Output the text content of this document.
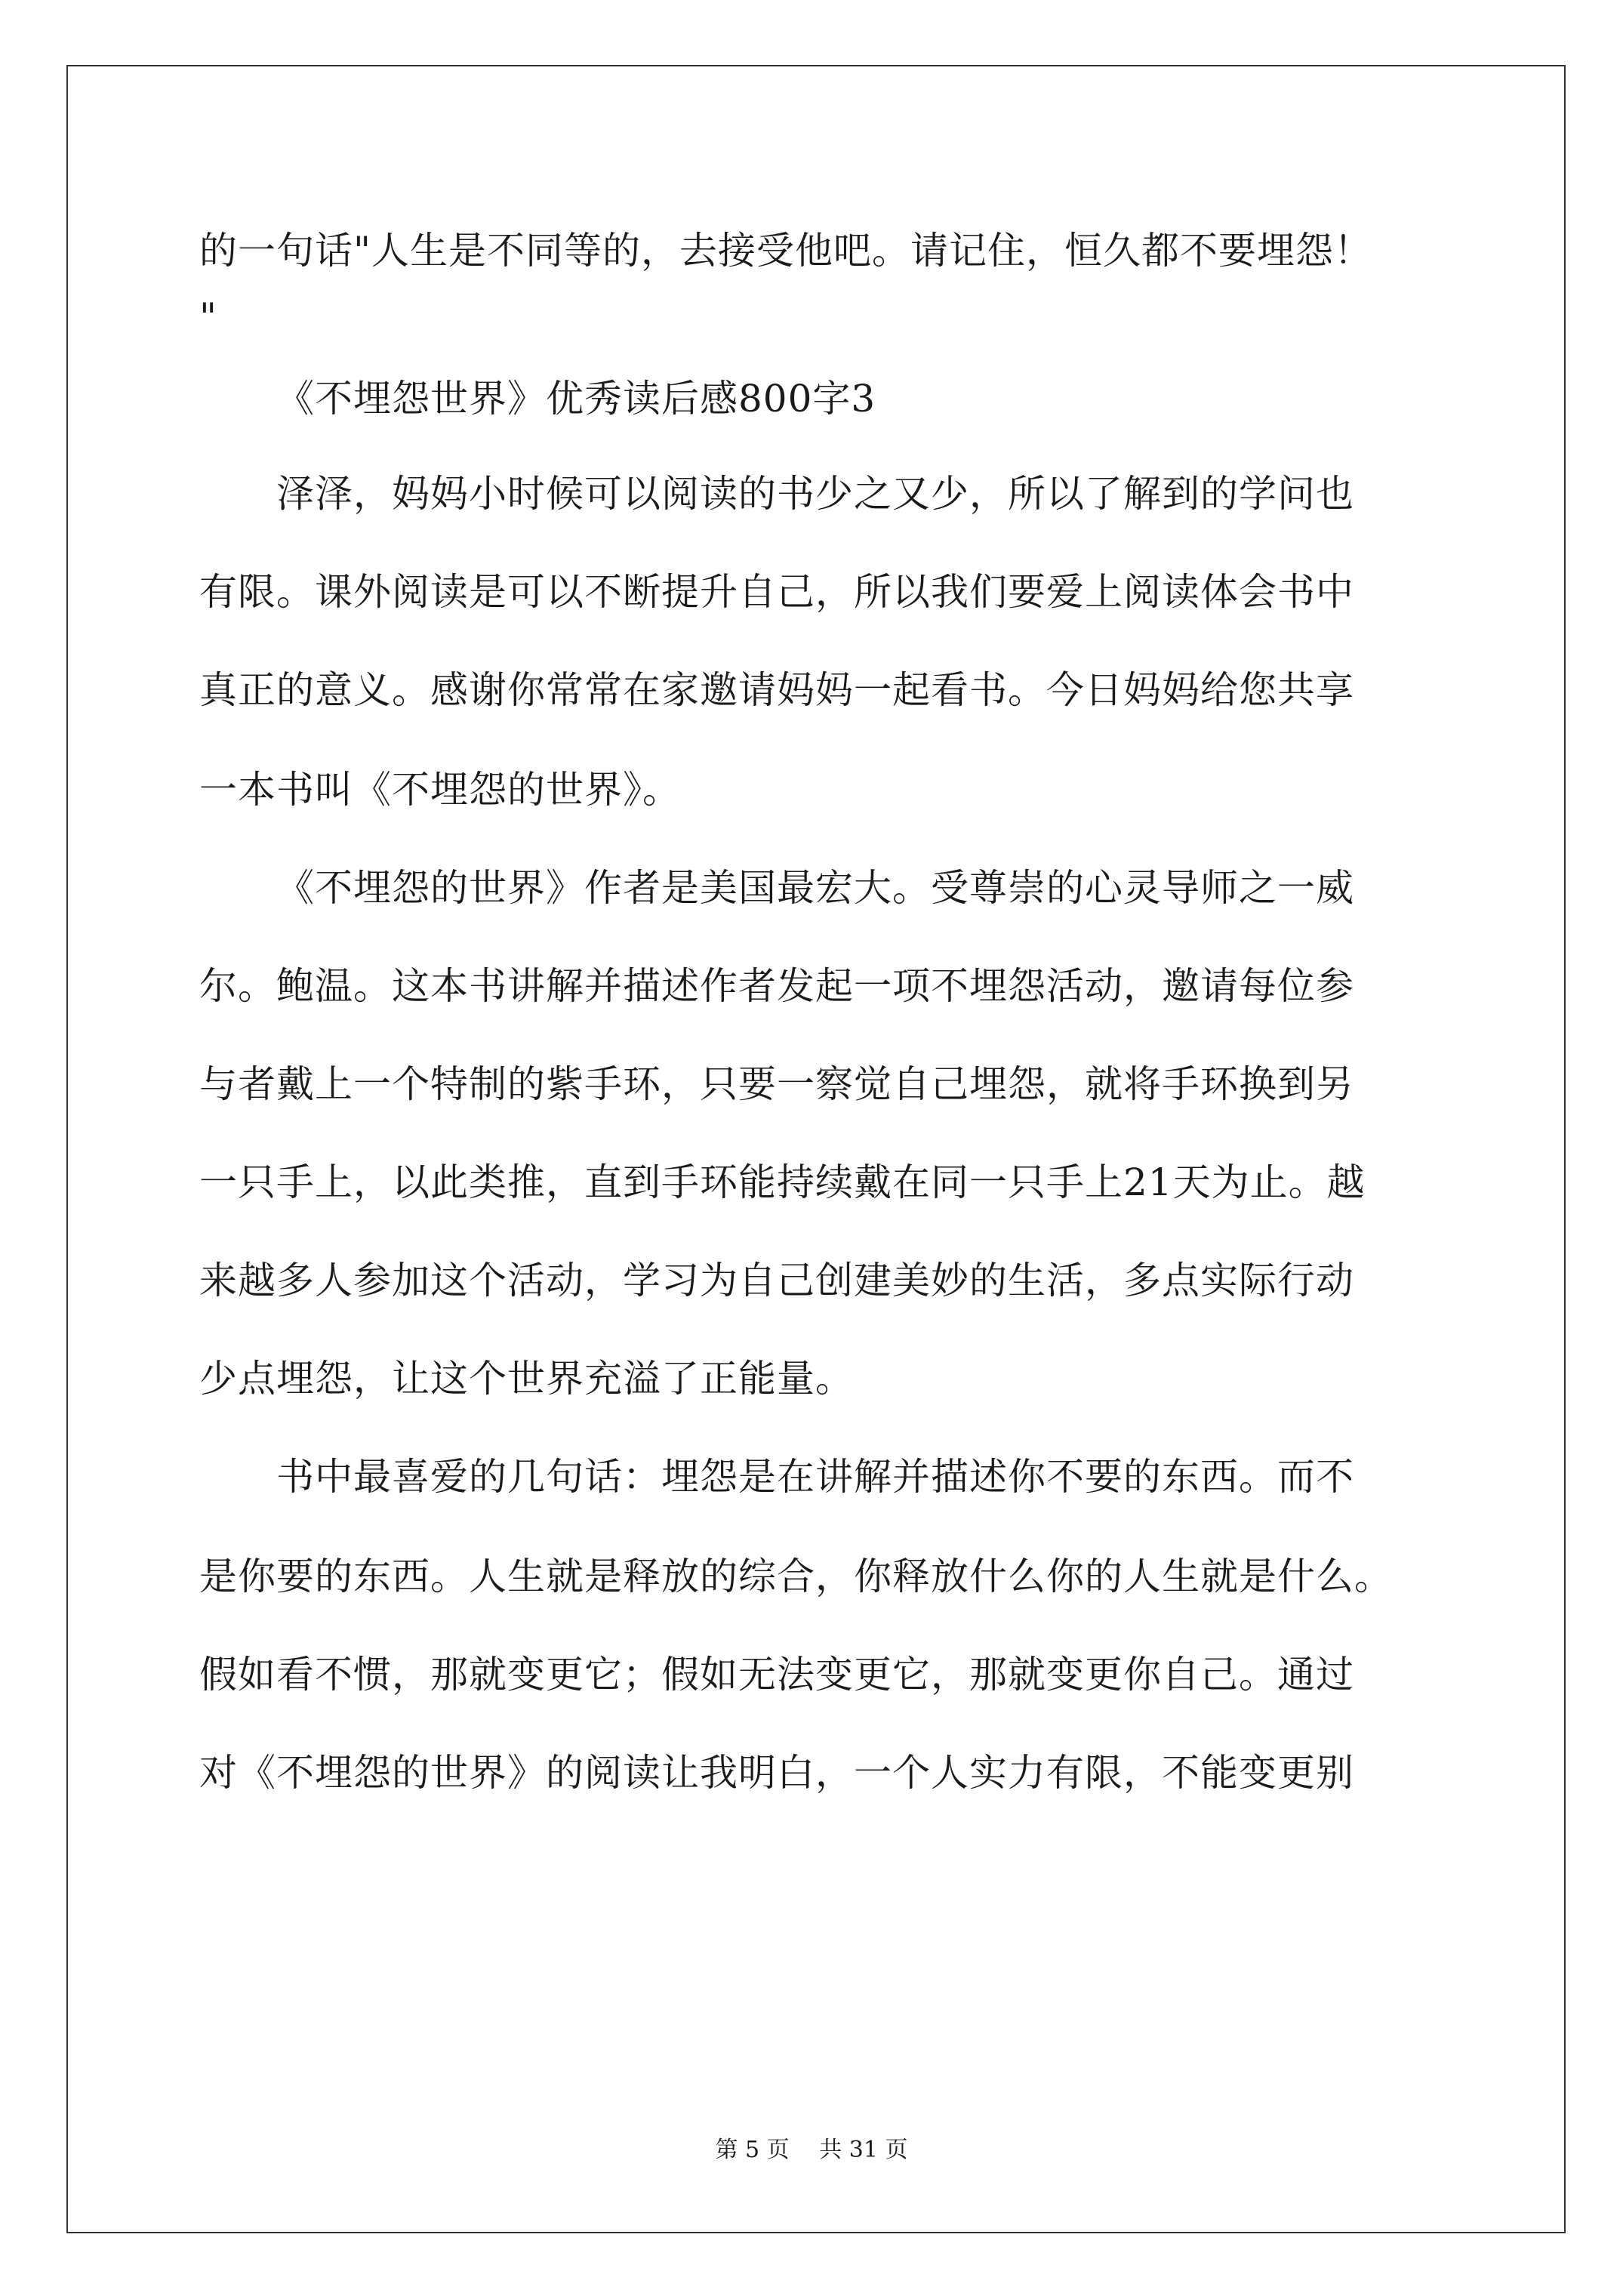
的一句话"人生是不同等的，去接受他吧。请记住，恒久都不要埋怨！
"
《不埋怨世界》优秀读后感800字3
泽泽，妈妈小时候可以阅读的书少之又少，所以了解到的学问也
有限。课外阅读是可以不断提升自己，所以我们要爱上阅读体会书中
真正的意义。感谢你常常在家邀请妈妈一起看书。今日妈妈给您共享
一本书叫《不埋怨的世界》。
《不埋怨的世界》作者是美国最宏大。受尊崇的心灵导师之一威
尔。鲍温。这本书讲解并描述作者发起一项不埋怨活动，邀请每位参
与者戴上一个特制的紫手环，只要一察觉自己埋怨，就将手环换到另
一只手上，以此类推，直到手环能持续戴在同一只手上21天为止。越
来越多人参加这个活动，学习为自己创建美妙的生活，多点实际行动
少点埋怨，让这个世界充溢了正能量。
书中最喜爱的几句话：埋怨是在讲解并描述你不要的东西。而不
是你要的东西。人生就是释放的综合，你释放什么你的人生就是什么。
假如看不惯，那就变更它；假如无法变更它，那就变更你自己。通过
对《不埋怨的世界》的阅读让我明白，一个人实力有限，不能变更别
第 5 页　 共 31 页
